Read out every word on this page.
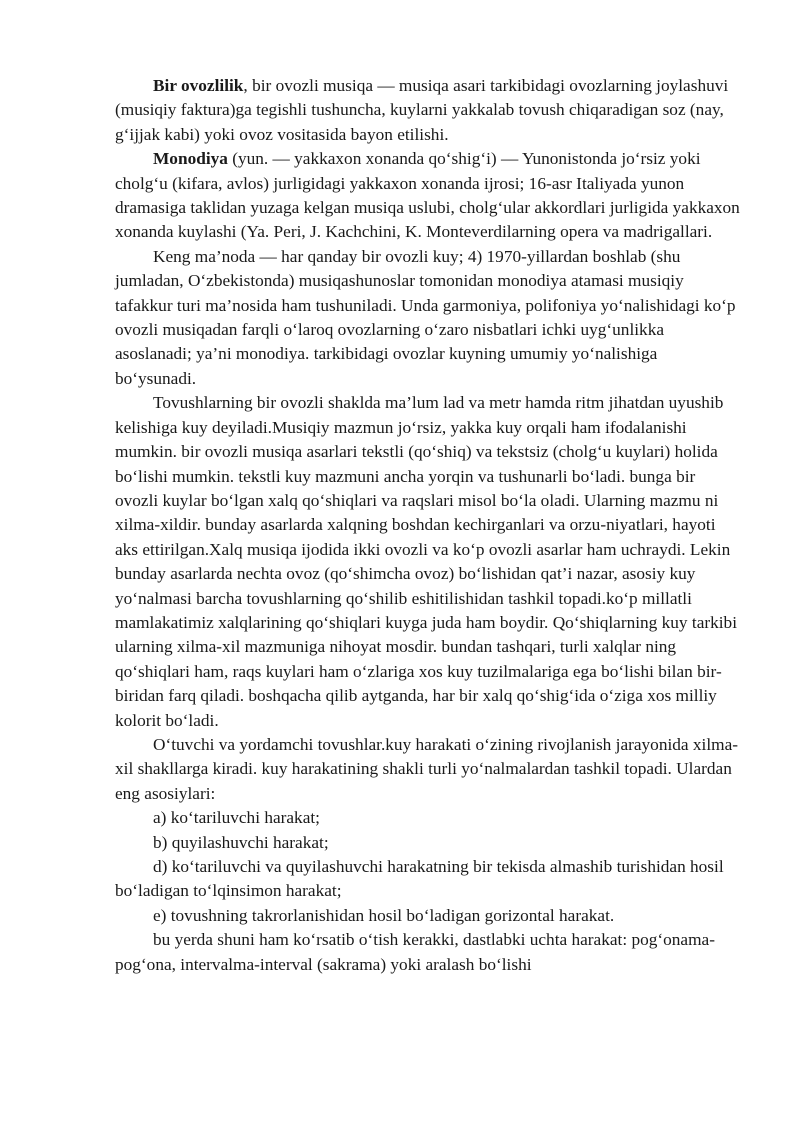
Bir ovozlilik, bir ovozli musiqa — musiqa asari tarkibidagi ovozlarning joylashuvi (musiqiy faktura)ga tegishli tushuncha, kuylarni yakkalab tovush chiqaradigan soz (nay, g‘ijjak kabi) yoki ovoz vositasida bayon etilishi.

Monodiya (yun. — yakkaxon xonanda qo‘shig‘i) — Yunonistonda jo‘rsiz yoki cholg‘u (kifara, avlos) jurligidagi yakkaxon xonanda ijrosi; 16-asr Italiyada yunon dramasiga taklidan yuzaga kelgan musiqa uslubi, cholg‘ular akkordlari jurligida yakkaxon xonanda kuylashi (Ya. Peri, J. Kachchini, K. Monteverdilarning opera va madrigallari.

Keng ma’noda — har qanday bir ovozli kuy; 4) 1970-yillardan boshlab (shu jumladan, O‘zbekistonda) musiqashunoslar tomonidan monodiya atamasi musiqiy tafakkur turi ma’nosida ham tushuniladi. Unda garmoniya, polifoniya yo‘nalishidagi ko‘p ovozli musiqadan farqli o‘laroq ovozlarning o‘zaro nisbatlari ichki uyg‘unlikka asoslanadi; ya’ni monodiya. tarkibidagi ovozlar kuyning umumiy yo‘nalishiga bo‘ysunadi.

Tovushlarning bir ovozli shaklda ma’lum lad va metr hamda ritm jihatdan uyushib kelishiga kuy deyiladi.Musiqiy mazmun jo‘rsiz, yakka kuy orqali ham ifodalanishi mumkin. bir ovozli musiqa asarlari tekstli (qo‘shiq) va tekstsiz (cholg‘u kuylari) holida bo‘lishi mumkin. tekstli kuy mazmuni ancha yorqin va tushunarli bo‘ladi. bunga bir ovozli kuylar bo‘lgan xalq qo‘shiqlari va raqslari misol bo‘la oladi. Ularning mazmu ni xilma-xildir. bunday asarlarda xalqning boshdan kechirganlari va orzu-niyatlari, hayoti aks ettirilgan.Xalq musiqa ijodida ikki ovozli va ko‘p ovozli asarlar ham uchraydi. Lekin bunday asarlarda nechta ovoz (qo‘shimcha ovoz) bo‘lishidan qat’i nazar, asosiy kuy yo‘nalmasi barcha tovushlarning qo‘shilib eshitilishidan tashkil topadi.ko‘p millatli mamlakatimiz xalqlarining qo‘shiqlari kuyga juda ham boydir. Qo‘shiqlarning kuy tarkibi ularning xilma-xil mazmuniga nihoyat mosdir. bundan tashqari, turli xalqlar ning qo‘shiqlari ham, raqs kuylari ham o‘zlariga xos kuy tuzilmalariga ega bo‘lishi bilan bir-biridan farq qiladi. boshqacha qilib aytganda, har bir xalq qo‘shig‘ida o‘ziga xos milliy kolorit bo‘ladi.

O‘tuvchi va yordamchi tovushlar.kuy harakati o‘zining rivojlanish jarayonida xilma-xil shakllarga kiradi. kuy harakatining shakli turli yo‘nalmalardan tashkil topadi. Ulardan eng asosiylari:

a) ko‘tariluvchi harakat;

b) quyilashuvchi harakat;

d) ko‘tariluvchi va quyilashuvchi harakatning bir tekisda almashib turishidan hosil bo‘ladigan to‘lqinsimon harakat;

e) tovushning takrorlanishidan hosil bo‘ladigan gorizontal harakat.

bu yerda shuni ham ko‘rsatib o‘tish kerakki, dastlabki uchta harakat: pog‘onama-pog‘ona, intervalma-interval (sakrama) yoki aralash bo‘lishi
